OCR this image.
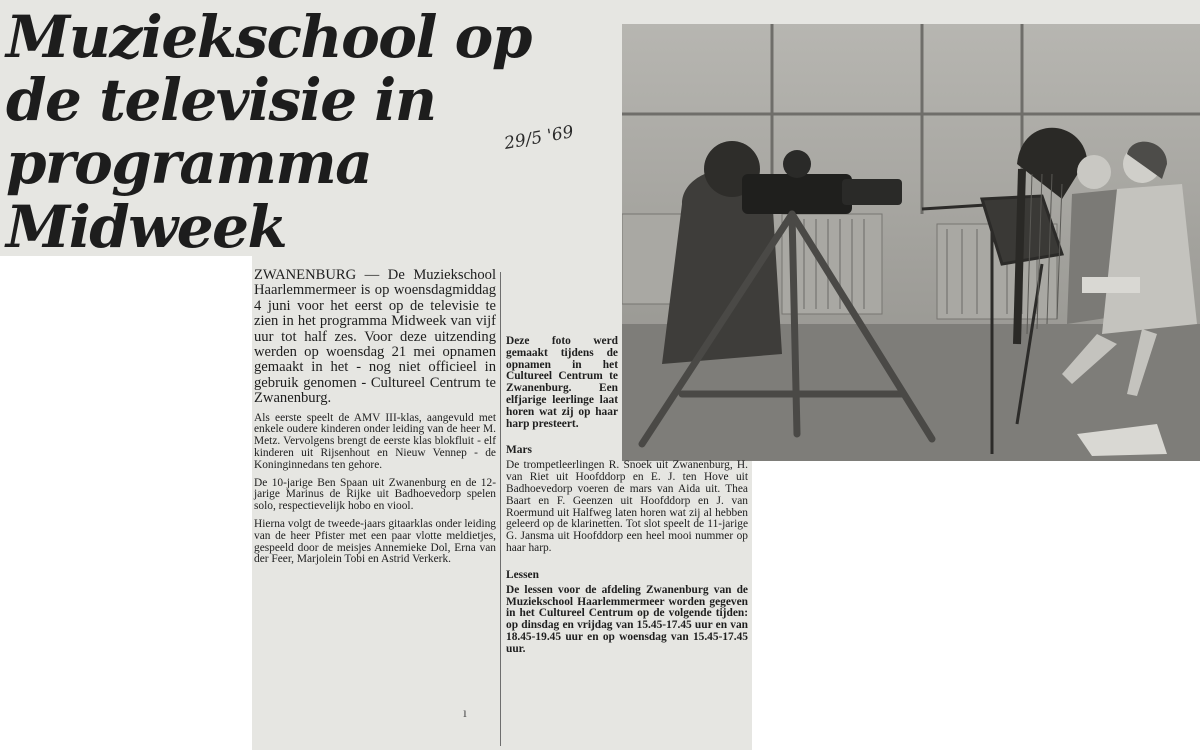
Muziekschool op de televisie in programma Midweek
29/5 '69

ZWANENBURG — De Muziekschool Haarlemmermeer is op woensdagmiddag 4 juni voor het eerst op de televisie te zien in het programma Midweek van vijf uur tot half zes. Voor deze uitzending werden op woensdag 21 mei opnamen gemaakt in het - nog niet officieel in gebruik genomen - Cultureel Centrum te Zwanenburg.

Als eerste speelt de AMV III-klas, aangevuld met enkele oudere kinderen onder leiding van de heer M. Metz. Vervolgens brengt de eerste klas blokfluit - elf kinderen uit Rijsenhout en Nieuw Vennep - de Koninginnedans ten gehore.

De 10-jarige Ben Spaan uit Zwanenburg en de 12-jarige Marinus de Rijke uit Badhoevedorp spelen solo, respectievelijk hobo en viool.

Hierna volgt de tweede-jaars gitaarklas onder leiding van de heer Pfister met een paar vlotte meldietjes, gespeeld door de meisjes Annemieke Dol, Erna van der Feer, Marjolein Tobi en Astrid Verkerk.

Deze foto werd gemaakt tijdens de opnamen in het Cultureel Centrum te Zwanenburg. Een elfjarige leerlinge laat horen wat zij op haar harp presteert.

Mars

De trompetleerlingen R. Snoek uit Zwanenburg, H. van Riet uit Hoofddorp en E. J. ten Hove uit Badhoevedorp voeren de mars van Aida uit. Thea Baart en F. Geenzen uit Hoofddorp en J. van Roermund uit Halfweg laten horen wat zij al hebben geleerd op de klarinetten. Tot slot speelt de 11-jarige G. Jansma uit Hoofddorp een heel mooi nummer op haar harp.

Lessen

De lessen voor de afdeling Zwanenburg van de Muziekschool Haarlemmermeer worden gegeven in het Cultureel Centrum op de volgende tijden: op dinsdag en vrijdag van 15.45-17.45 uur en van 18.45-19.45 uur en op woensdag van 15.45-17.45 uur.

ı
